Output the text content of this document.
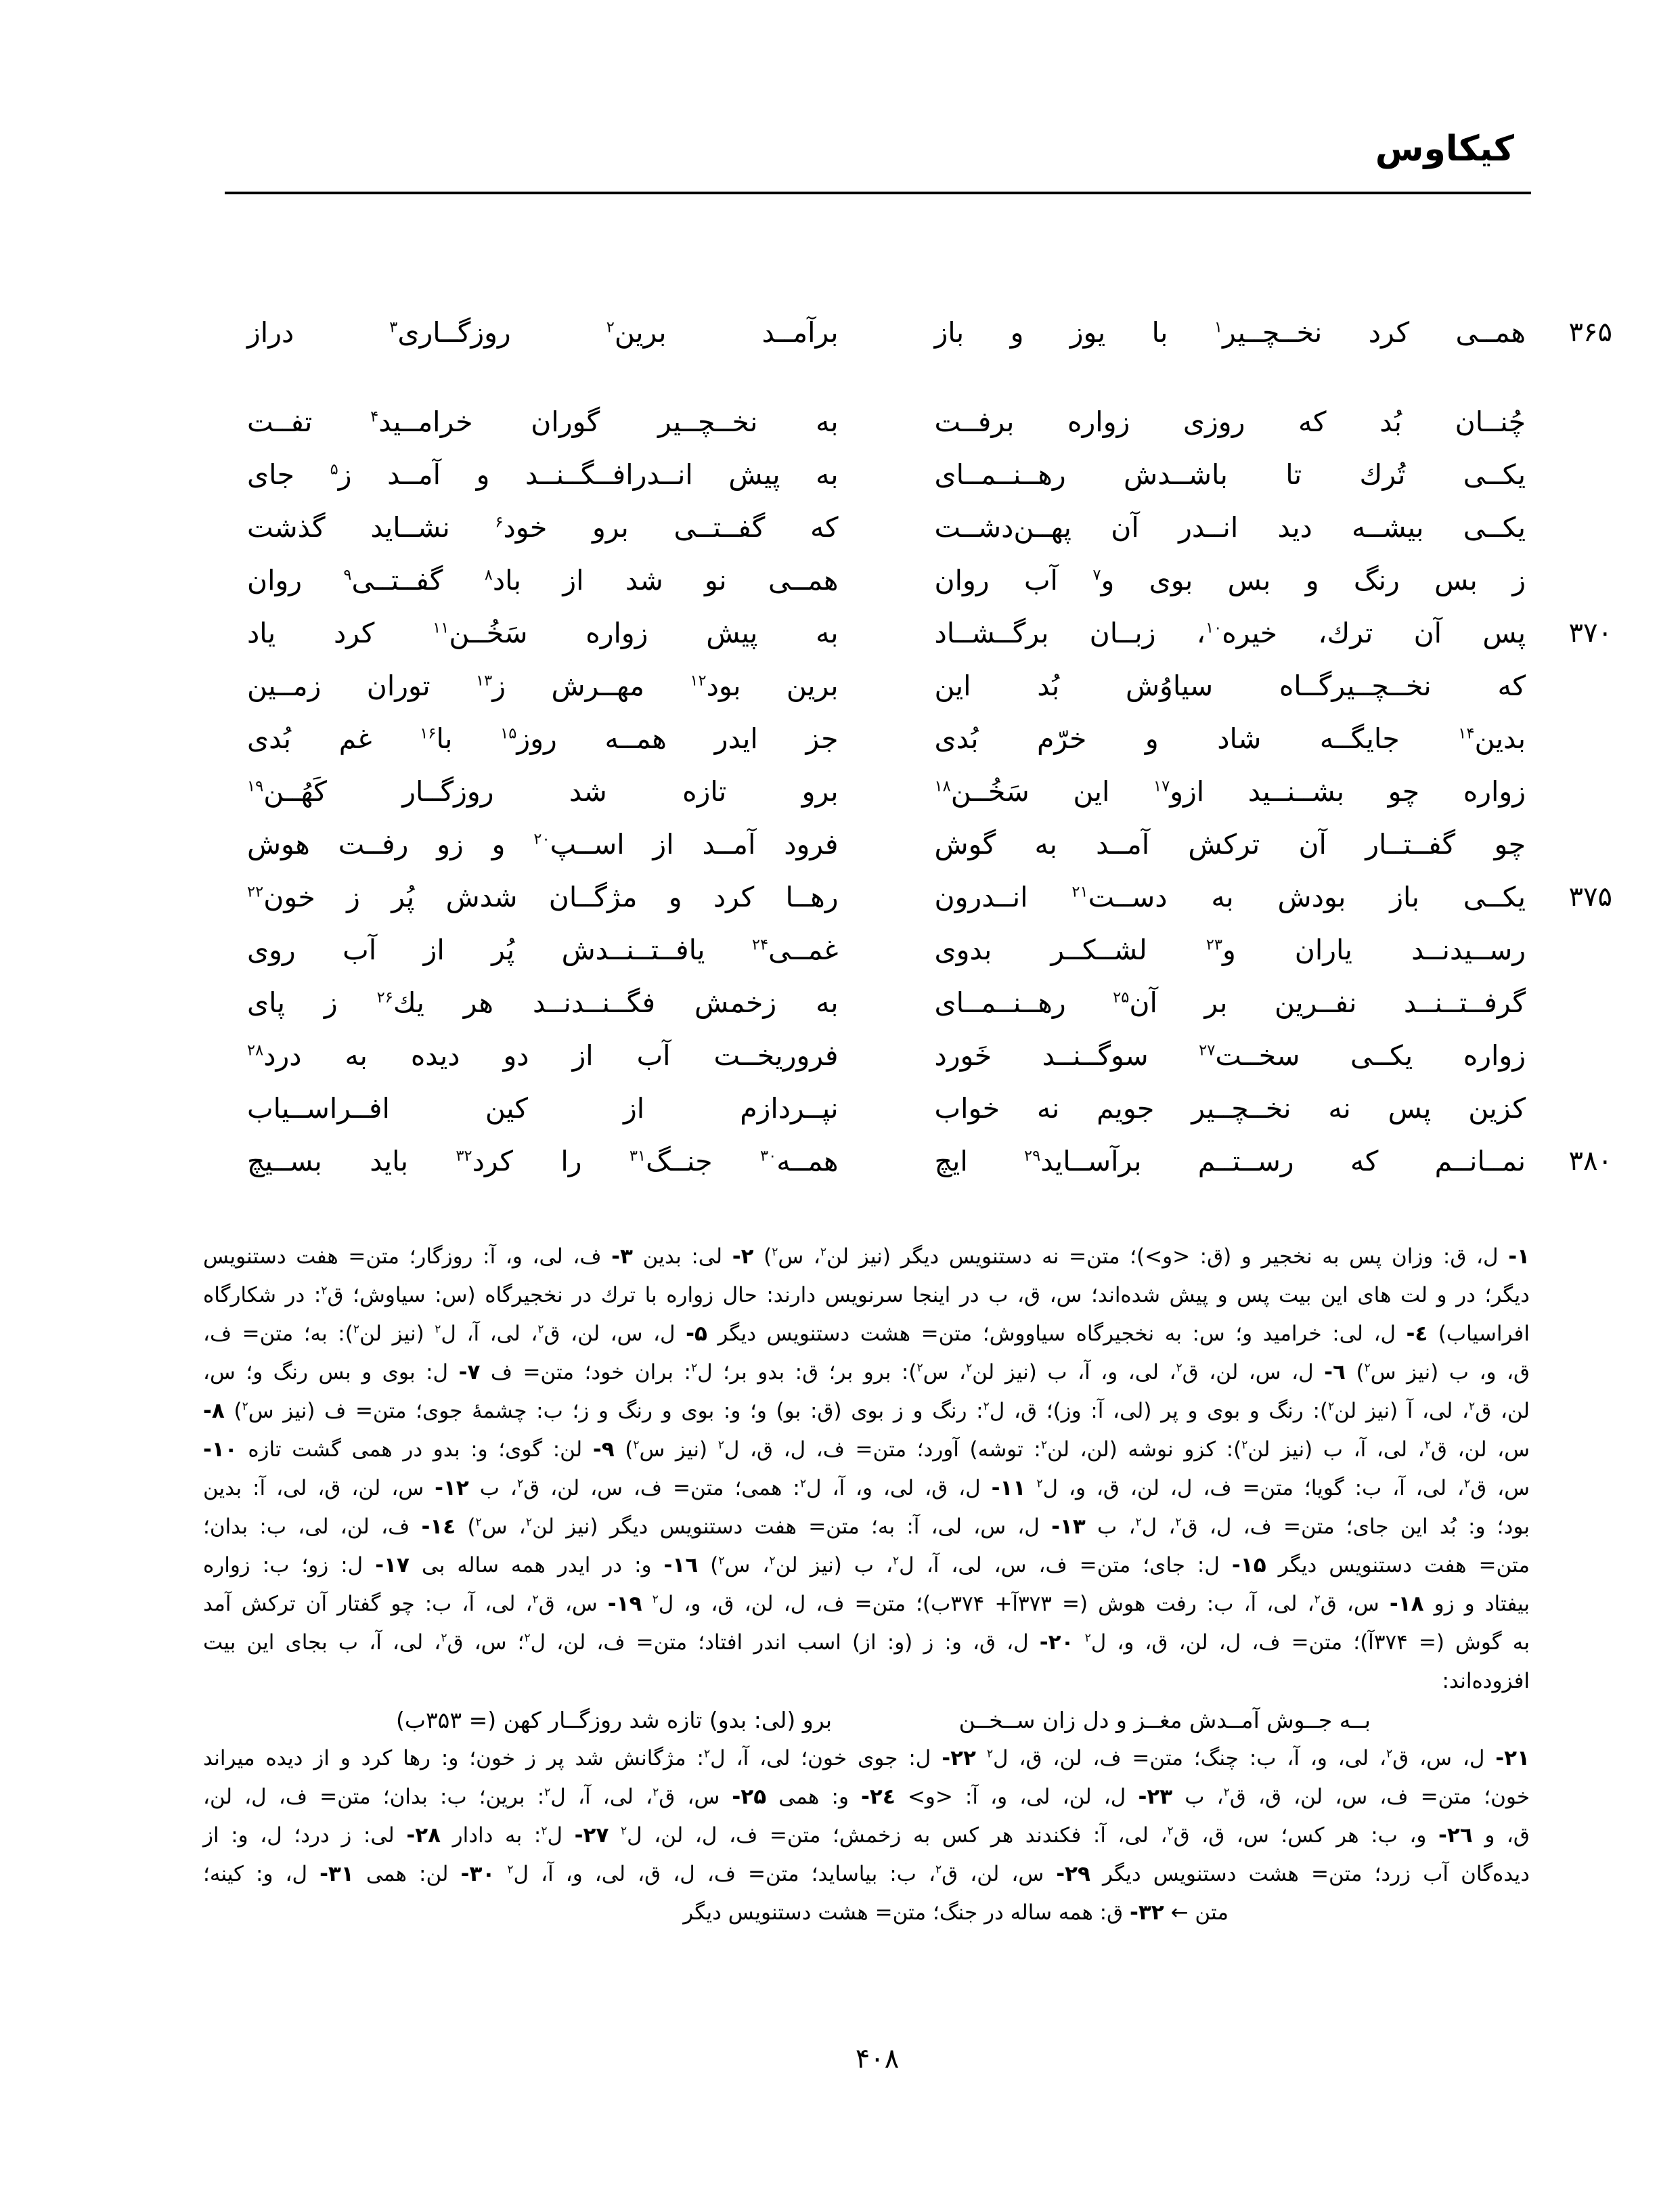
کیکاوس
۳۶۵
همــی کرد نخــچــیر$^۱$ با یوز و باز
برآمــد برین$^۲$ روزگــاری$^۳$ دراز
چُنــان بُد که روزی زواره برفــت
به نخــچــیر گوران خرامــید$^۴$ تفــت
یکــی تُرك تا باشــدش رهــنــمــای
به پیش انــدرافــگــنــد و آمــد ز$^۵$ جای
یکــی بیشــه دید انــدر آن پهــن‌دشــت
که گفــتــی برو خود$^۶$ نشــاید گذشت
ز بس رنگ و بس بوی و$^۷$ آب روان
همــی نو شد از باد$^۸$ گفــتــی$^۹$ روان
۳۷۰
پس آن ترك، خیره$^{۱۰}$، زبــان برگــشــاد
به پیش زواره سَخُــن$^{۱۱}$ کرد یاد
که نخــچــیرگــاه سیاوُش بُد این
برین بود$^{۱۲}$ مهــرش ز$^{۱۳}$ توران زمــین
بدین$^{۱۴}$ جایگــه شاد و خرّم بُدی
جز ایدر همــه روز$^{۱۵}$ با$^{۱۶}$ غم بُدی
زواره چو بشــنــید ازو$^{۱۷}$ این سَخُــن$^{۱۸}$
برو تازه شد روزگــار کَهُــن$^{۱۹}$
چو گفــتــار آن ترکش آمــد به گوش
فرود آمــد از اســپ$^{۲۰}$ و زو رفــت هوش
۳۷۵
یکــی باز بودش به دســت$^{۲۱}$ انــدرون
رهــا کرد و مژگــان شدش پُر ز خون$^{۲۲}$
رســیدنــد یاران و$^{۲۳}$ لشــکــر بدوی
غمــی$^{۲۴}$ یافــتــنــدش پُر از آب روی
گرفــتــنــد نفــرین بر آن$^{۲۵}$ رهــنــمــای
به زخمش فگــنــدنــد هر یك$^{۲۶}$ ز پای
زواره یکــی سخــت$^{۲۷}$ سوگــنــد خَورد
فروریخــت آب از دو دیده به درد$^{۲۸}$
کزین پس نه نخــچــیر جویم نه خواب
نپــردازم از کین افــراســیاب
۳۸۰
نمــانــم که رســتــم برآســاید$^{۲۹}$ ایچ
همــه$^{۳۰}$ جنــگ$^{۳۱}$ را کرد$^{۳۲}$ باید بســیچ
۱- ل، ق: وزان پس به نخجیر و (ق: <و>)؛ متن= نه دستنویس دیگر (نیز لن$^۲$، س$^۲$) ۲- لی: بدین ۳- ف، لی، و، آ: روزگار؛ متن= هفت دستنویس
دیگر؛ در و لت های این بیت پس و پیش شده‌اند؛ س، ق، ب در اینجا سرنویس دارند: حال زواره با ترك در نخجیرگاه (س: سیاوش؛ ق$^۲$: در شکارگاه
افراسیاب) ٤- ل، لی: خرامید و؛ س: به نخجیرگاه سیاووش؛ متن= هشت دستنویس دیگر ۵- ل، س، لن، ق$^۲$، لی، آ، ل$^۲$ (نیز لن$^۲$): به؛ متن= ف،
ق، و، ب (نیز س$^۲$) ٦- ل، س، لن، ق$^۲$، لی، و، آ، ب (نیز لن$^۲$، س$^۲$): برو بر؛ ق: بدو بر؛ ل$^۲$: بران خود؛ متن= ف ۷- ل: بوی و بس رنگ و؛ س،
لن، ق$^۲$، لی، آ (نیز لن$^۲$): رنگ و بوی و پر (لی، آ: وز)؛ ق، ل$^۲$: رنگ و ز بوی (ق: بو) و؛ و: بوی و رنگ و ز؛ ب: چشمهٔ جوی؛ متن= ف (نیز س$^۲$) ۸-
س، لن، ق$^۲$، لی، آ، ب (نیز لن$^۲$): کزو نوشه (لن، لن$^۲$: توشه) آورد؛ متن= ف، ل، ق، ل$^۲$ (نیز س$^۲$) ۹- لن: گوی؛ و: بدو در همی گشت تازه ۱۰-
س، ق$^۲$، لی، آ، ب: گویا؛ متن= ف، ل، لن، ق، و، ل$^۲$ ۱۱- ل، ق، لی، و، آ، ل$^۲$: همی؛ متن= ف، س، لن، ق$^۲$، ب ۱۲- س، لن، ق، لی، آ: بدین
بود؛ و: بُد این جای؛ متن= ف، ل، ق$^۲$، ل$^۲$، ب ۱۳- ل، س، لی، آ: به؛ متن= هفت دستنویس دیگر (نیز لن$^۲$، س$^۲$) ۱٤- ف، لن، لی، ب: بدان؛
متن= هفت دستنویس دیگر ۱۵- ل: جای؛ متن= ف، س، لی، آ، ل$^۲$، ب (نیز لن$^۲$، س$^۲$) ۱٦- و: در ایدر همه ساله بی ۱۷- ل: زو؛ ب: زواره
بیفتاد و زو ۱۸- س، ق$^۲$، لی، آ، ب: رفت هوش (= ۳۷۳آ+ ۳۷۴ب)؛ متن= ف، ل، لن، ق، و، ل$^۲$ ۱۹- س، ق$^۲$، لی، آ، ب: چو گفتار آن ترکش آمد
به گوش (= ۳۷۴آ)؛ متن= ف، ل، لن، ق، و، ل$^۲$ ۲۰- ل، ق، و: ز (و: از) اسب اندر افتاد؛ متن= ف، لن، ل$^۲$؛ س، ق$^۲$، لی، آ، ب بجای این بیت
افزوده‌اند:
بــه جــوش آمــدش مغــز و دل زان ســخــن
برو (لی: بدو) تازه شد روزگــار کهن (= ۳۵۳ب)
۲۱- ل، س، ق$^۲$، لی، و، آ، ب: چنگ؛ متن= ف، لن، ق، ل$^۲$ ۲۲- ل: جوی خون؛ لی، آ، ل$^۲$: مژگانش شد پر ز خون؛ و: رها کرد و از دیده میراند
خون؛ متن= ف، س، لن، ق، ق$^۲$، ب ۲۳- ل، لن، لی، و، آ: <و> ۲٤- و: همی ۲۵- س، ق$^۲$، لی، آ، ل$^۲$: برین؛ ب: بدان؛ متن= ف، ل، لن،
ق، و ۲٦- و، ب: هر کس؛ س، ق، ق$^۲$، لی، آ: فکندند هر کس به زخمش؛ متن= ف، ل، لن، ل$^۲$ ۲۷- ل$^۲$: به دادار ۲۸- لی: ز درد؛ ل، و: از
دیده‌گان آب زرد؛ متن= هشت دستنویس دیگر ۲۹- س، لن، ق$^۲$، ب: بیاساید؛ متن= ف، ل، ق، لی، و، آ، ل$^۲$ ۳۰- لن: همی ۳۱- ل، و: کینه؛
متن ← ۳۲- ق: همه ساله در جنگ؛ متن= هشت دستنویس دیگر
۴۰۸
